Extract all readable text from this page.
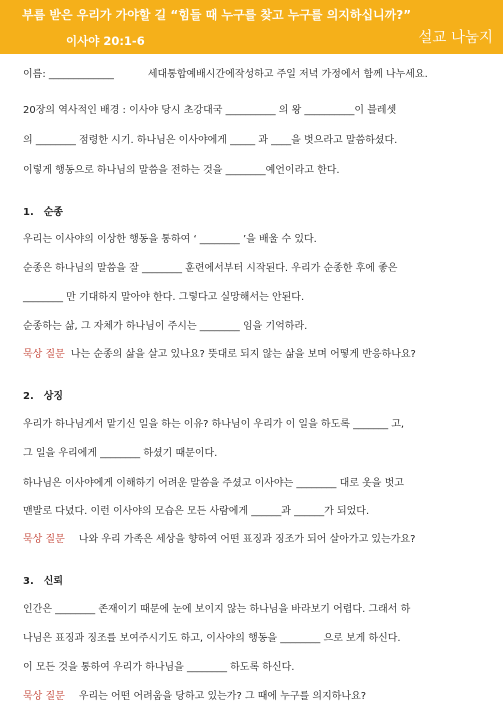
부름 받은 우리가 가야할 길 “힘들 때 누구를 찾고 누구를 의지하십니까?”
이사야 20:1-6	설교 나눔지
이름: _____________	세대통합예배시간에작성하고 주일 저녁 가정에서 함께 나누세요.
20장의 역사적인 배경 : 이사야 당시 초강대국 __________ 의 왕 __________이 블레셋
의 ________ 점령한 시기. 하나님은 이사야에게 _____ 과 ____을 벗으라고 말씀하셨다.
이렇게 행동으로 하나님의 말씀을 전하는 것을 ________예언이라고 한다.
1. 순종
우리는 이사야의 이상한 행동을 통하여 ‘ ________ ’을 배울 수 있다.
순종은 하나님의 말씀을 잘 ________ 훈련에서부터 시작된다. 우리가 순종한 후에 좋은
________ 만 기대하지 말아야 한다. 그렇다고 실망해서는 안된다.
순종하는 삶, 그 자체가 하나님이 주시는 ________ 임을 기억하라.
묵상 질문 나는 순종의 삶을 살고 있나요? 뜻대로 되지 않는 삶을 보며 어떻게 반응하나요?
2. 상징
우리가 하나님게서 맡기신 일을 하는 이유? 하나님이 우리가 이 일을 하도록 _______ 고,
그 일을 우리에게 ________ 하셨기 때문이다.
하나님은 이사야에게 이해하기 어려운 말씀을 주셨고 이사야는 ________ 대로 옷을 벗고
맨발로 다녔다. 이런 이사야의 모습은 모든 사람에게 ______과 ______가 되었다.
묵상 질문 나와 우리 가족은 세상을 향하여 어떤 표징과 징조가 되어 살아가고 있는가요?
3. 신뢰
인간은 ________ 존재이기 때문에 눈에 보이지 않는 하나님을 바라보기 어렵다. 그래서 하
나님은 표징과 징조를 보여주시기도 하고, 이사야의 행동을 ________ 으로 보게 하신다.
이 모든 것을 통하여 우리가 하나님을 ________ 하도록 하신다.
묵상 질문 우리는 어떤 어려움을 당하고 있는가? 그 때에 누구를 의지하나요?
